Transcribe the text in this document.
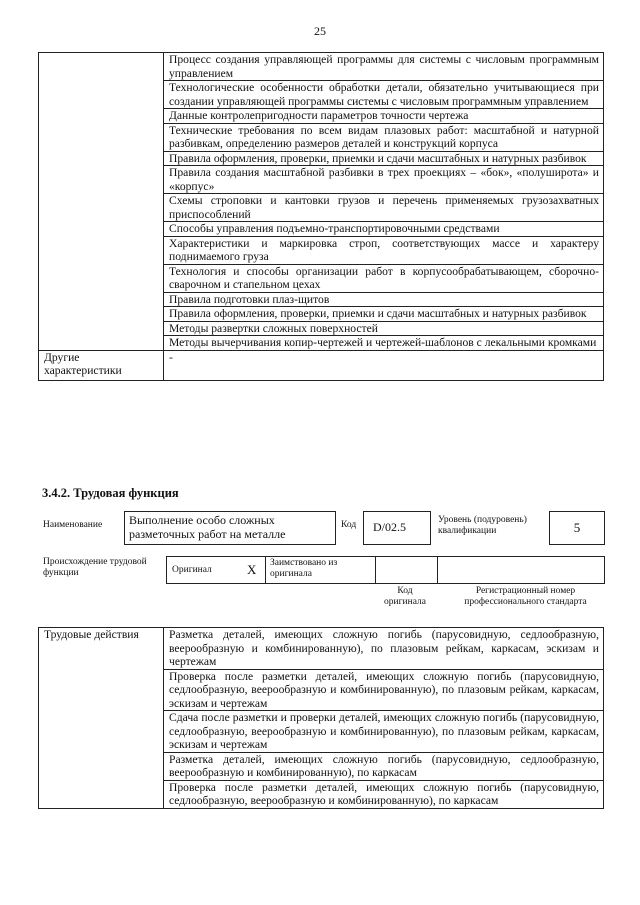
25
	Процесс создания управляющей программы для системы с числовым программным управлением
	Технологические особенности обработки детали, обязательно учитывающиеся при создании управляющей программы системы с числовым программным управлением
	Данные контролепригодности параметров точности чертежа
	Технические требования по всем видам плазовых работ: масштабной и натурной разбивкам, определению размеров деталей и конструкций корпуса
	Правила оформления, проверки, приемки и сдачи масштабных и натурных разбивок
	Правила создания масштабной разбивки в трех проекциях – «бок», «полуширота» и «корпус»
	Схемы строповки и кантовки грузов и перечень применяемых грузозахватных приспособлений
	Способы управления подъемно-транспортировочными средствами
	Характеристики и маркировка строп, соответствующих массе и характеру поднимаемого груза
	Технология и способы организации работ в корпусообрабатывающем, сборочно-сварочном и стапельном цехах
	Правила подготовки плаз-щитов
	Правила оформления, проверки, приемки и сдачи масштабных и натурных разбивок
	Методы развертки сложных поверхностей
	Методы вычерчивания копир-чертежей и чертежей-шаблонов с лекальными кромками
Другие характеристики	-
3.4.2. Трудовая функция
Наименование	Выполнение особо сложных разметочных работ на металле
Код	D/02.5	Уровень (подуровень) квалификации	5
Происхождение трудовой функции	Оригинал	X Заимствовано из оригинала
Код оригинала
Регистрационный номер профессионального стандарта
Трудовые действия	Разметка деталей, имеющих сложную погибь (парусовидную, седлообразную, веерообразную и комбинированную), по плазовым рейкам, каркасам, эскизам и чертежам
Проверка после разметки деталей, имеющих сложную погибь (парусовидную, седлообразную, веерообразную и комбинированную), по плазовым рейкам, каркасам, эскизам и чертежам
Сдача после разметки и проверки деталей, имеющих сложную погибь (парусовидную, седлообразную, веерообразную и комбинированную), по плазовым рейкам, каркасам, эскизам и чертежам
Разметка деталей, имеющих сложную погибь (парусовидную, седлообразную, веерообразную и комбинированную), по каркасам
Проверка после разметки деталей, имеющих сложную погибь (парусовидную, седлообразную, веерообразную и комбинированную), по каркасам
